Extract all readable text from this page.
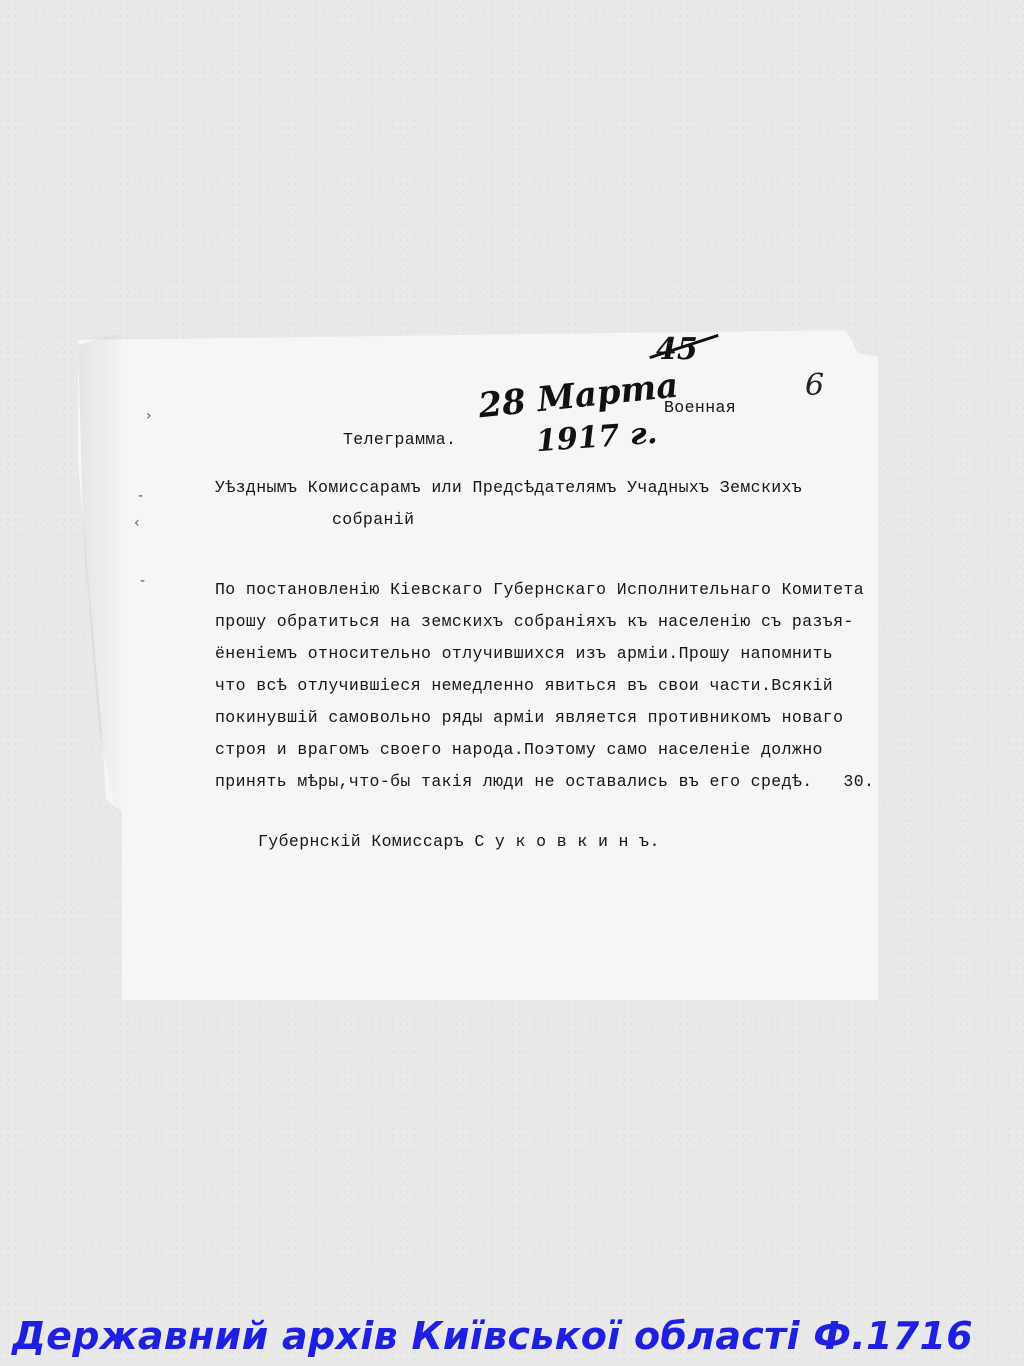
›
-
‹
-
45
6
28 Марта
1917 г.
Военная
Телеграмма.
Уѣзднымъ Комиссарамъ или Предсѣдателямъ Учадныхъ Земскихъ
собраній
По постановленію Кіевскаго Губернскаго Исполнительнаго Комитета
прошу обратиться на земскихъ собраніяхъ къ населенію съ разъя-
ёненіемъ относительно отлучившихся изъ арміи.Прошу напомнить
что всѣ отлучившіеся немедленно явиться въ свои части.Всякій
покинувшій самовольно ряды арміи является противникомъ новаго
строя и врагомъ своего народа.Поэтому само населеніе должно
принять мѣры,что-бы такія люди не оставались въ его средѣ.   30.
Губернскій Комиссаръ С у к о в к и н ъ.
Державний архів Київської області Ф.1716
